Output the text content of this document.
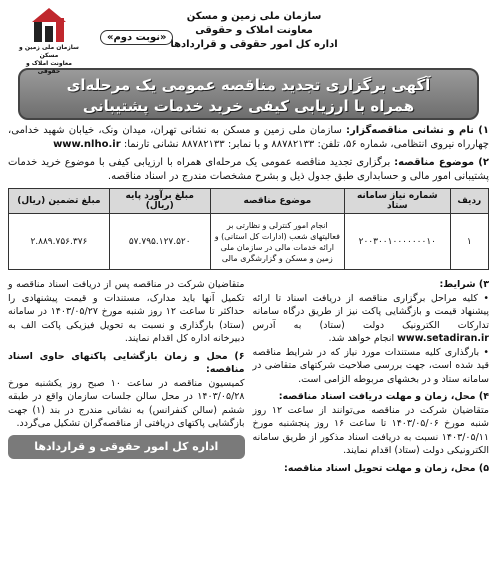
سازمان ملی زمین و مسکن
معاونت املاک و حقوقی
اداره کل امور حقوقی و قراردادها
«نوبت دوم»
سازمان ملی زمین و مسکن
معاونت املاک و حقوقی
آگهی برگزاری تجدید مناقصه عمومی یک مرحله‌ای
همراه با ارزیابی کیفی خرید خدمات پشتیبانی
۱) نام و نشانی مناقصه‌گزار: سازمان ملی زمین و مسکن به نشانی تهران، میدان ونک، خیابان شهید خدامی، چهارراه نیروی انتظامی، شماره ۵۶، تلفن: ۸۸۷۸۲۱۳۳ و با نمابر: ۸۸۷۸۲۱۳۳ نشانی تارنما: www.nlho.ir
۲) موضوع مناقصه: برگزاری تجدید مناقصه عمومی یک مرحله‌ای همراه با ارزیابی کیفی با موضوع خرید خدمات پشتیبانی امور مالی و حسابداری طبق جدول ذیل و بشرح مشخصات مندرج در اسناد مناقصه.
ردیف	شماره نیاز سامانه ستاد	موضوع مناقصه	مبلغ برآورد پایه (ریال)	مبلغ تضمین (ریال)
۱	۲۰۰۳۰۰۱۰۰۰۰۰۰۰۱۰	انجام امور کنترلی و نظارتی بر فعالیتهای شعب (ادارات کل استانی) و ارائه خدمات مالی در سازمان ملی زمین و مسکن و گزارشگری مالی	۵۷.۷۹۵.۱۲۷.۵۲۰	۲.۸۸۹.۷۵۶.۳۷۶
۳) شرایط:
• کلیه مراحل برگزاری مناقصه از دریافت اسناد تا ارائه پیشنهاد قیمت و بازگشایی پاکت نیز از طریق درگاه سامانه تدارکات الکترونیک دولت (ستاد) به آدرس www.setadiran.ir انجام خواهد شد.
• بارگذاری کلیه مستندات مورد نیاز که در شرایط مناقصه قید شده است، جهت بررسی صلاحیت شرکتهای متقاضی در سامانه ستاد و در بخشهای مربوطه الزامی است.
۴) محل، زمان و مهلت دریافت اسناد مناقصه:
متقاضیان شرکت در مناقصه می‌توانند از ساعت ۱۲ روز شنبه مورخ ۱۴۰۳/۰۵/۰۶ تا ساعت ۱۶ روز پنجشنبه مورخ ۱۴۰۳/۰۵/۱۱ نسبت به دریافت اسناد مذکور از طریق سامانه الکترونیکی دولت (ستاد) اقدام نمایند.
۵) محل، زمان و مهلت تحویل اسناد مناقصه:
متقاضیان شرکت در مناقصه پس از دریافت اسناد مناقصه و تکمیل آنها باید مدارک، مستندات و قیمت پیشنهادی را حداکثر تا ساعت ۱۲ روز شنبه مورخ ۱۴۰۳/۰۵/۲۷ در سامانه (ستاد) بارگذاری و نسبت به تحویل فیزیکی پاکت الف به دبیرخانه اداره کل اقدام نمایند.
۶) محل و زمان بازگشایی پاکتهای حاوی اسناد مناقصه:
کمیسیون مناقصه در ساعت ۱۰ صبح روز یکشنبه مورخ ۱۴۰۳/۰۵/۲۸ در محل سالن جلسات سازمان واقع در طبقه ششم (سالن کنفرانس) به نشانی مندرج در بند (۱) جهت بازگشایی پاکتهای دریافتی از مناقصه‌گران تشکیل می‌گردد.
اداره کل امور حقوقی و قراردادها
